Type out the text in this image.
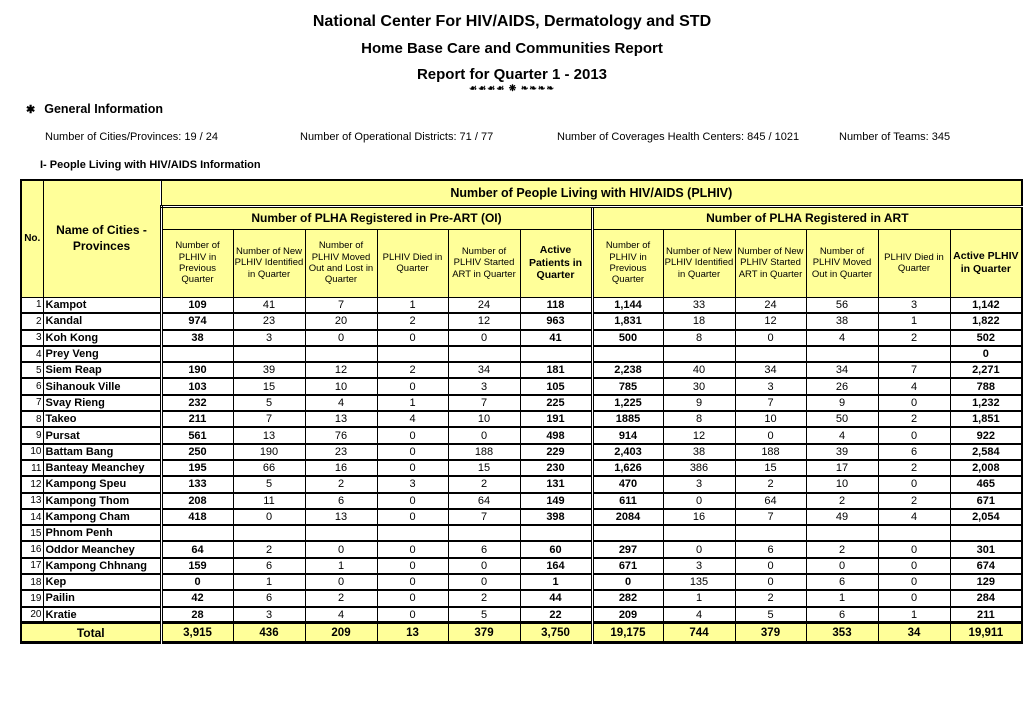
National Center For HIV/AIDS, Dermatology and STD
Home Base Care and Communities Report
Report for Quarter 1 - 2013
☙☙☙☙ ❋ ❧❧❧❧
✱ General Information
Number of Cities/Provinces: 19 / 24	Number of Operational Districts: 71 / 77	Number of Coverages Health Centers: 845 / 1021	Number of Teams: 345
I- People Living with HIV/AIDS Information
No.	Name of Cities - Provinces	Number of People Living with HIV/AIDS (PLHIV)											
		Number of PLHA Registered in Pre-ART (OI)						Number of PLHA Registered in ART					
		Number of PLHIV in Previous Quarter	Number of New PLHIV Identified in Quarter	Number of PLHIV Moved Out and Lost in Quarter	PLHIV Died in Quarter	Number of PLHIV Started ART in Quarter	Active Patients in Quarter	Number of PLHIV in Previous Quarter	Number of New PLHIV Identified in Quarter	Number of New PLHIV Started ART in Quarter	Number of PLHIV Moved Out in Quarter	PLHIV Died in Quarter	Active PLHIV in Quarter
1	Kampot	109	41	7	1	24	118	1,144	33	24	56	3	1,142
2	Kandal	974	23	20	2	12	963	1,831	18	12	38	1	1,822
3	Koh Kong	38	3	0	0	0	41	500	8	0	4	2	502
4	Prey Veng												0
5	Siem Reap	190	39	12	2	34	181	2,238	40	34	34	7	2,271
6	Sihanouk Ville	103	15	10	0	3	105	785	30	3	26	4	788
7	Svay Rieng	232	5	4	1	7	225	1,225	9	7	9	0	1,232
8	Takeo	211	7	13	4	10	191	1885	8	10	50	2	1,851
9	Pursat	561	13	76	0	0	498	914	12	0	4	0	922
10	Battam Bang	250	190	23	0	188	229	2,403	38	188	39	6	2,584
11	Banteay Meanchey	195	66	16	0	15	230	1,626	386	15	17	2	2,008
12	Kampong Speu	133	5	2	3	2	131	470	3	2	10	0	465
13	Kampong Thom	208	11	6	0	64	149	611	0	64	2	2	671
14	Kampong Cham	418	0	13	0	7	398	2084	16	7	49	4	2,054
15	Phnom Penh												
16	Oddor Meanchey	64	2	0	0	6	60	297	0	6	2	0	301
17	Kampong Chhnang	159	6	1	0	0	164	671	3	0	0	0	674
18	Kep	0	1	0	0	0	1	0	135	0	6	0	129
19	Pailin	42	6	2	0	2	44	282	1	2	1	0	284
20	Kratie	28	3	4	0	5	22	209	4	5	6	1	211
Total		3,915	436	209	13	379	3,750	19,175	744	379	353	34	19,911
